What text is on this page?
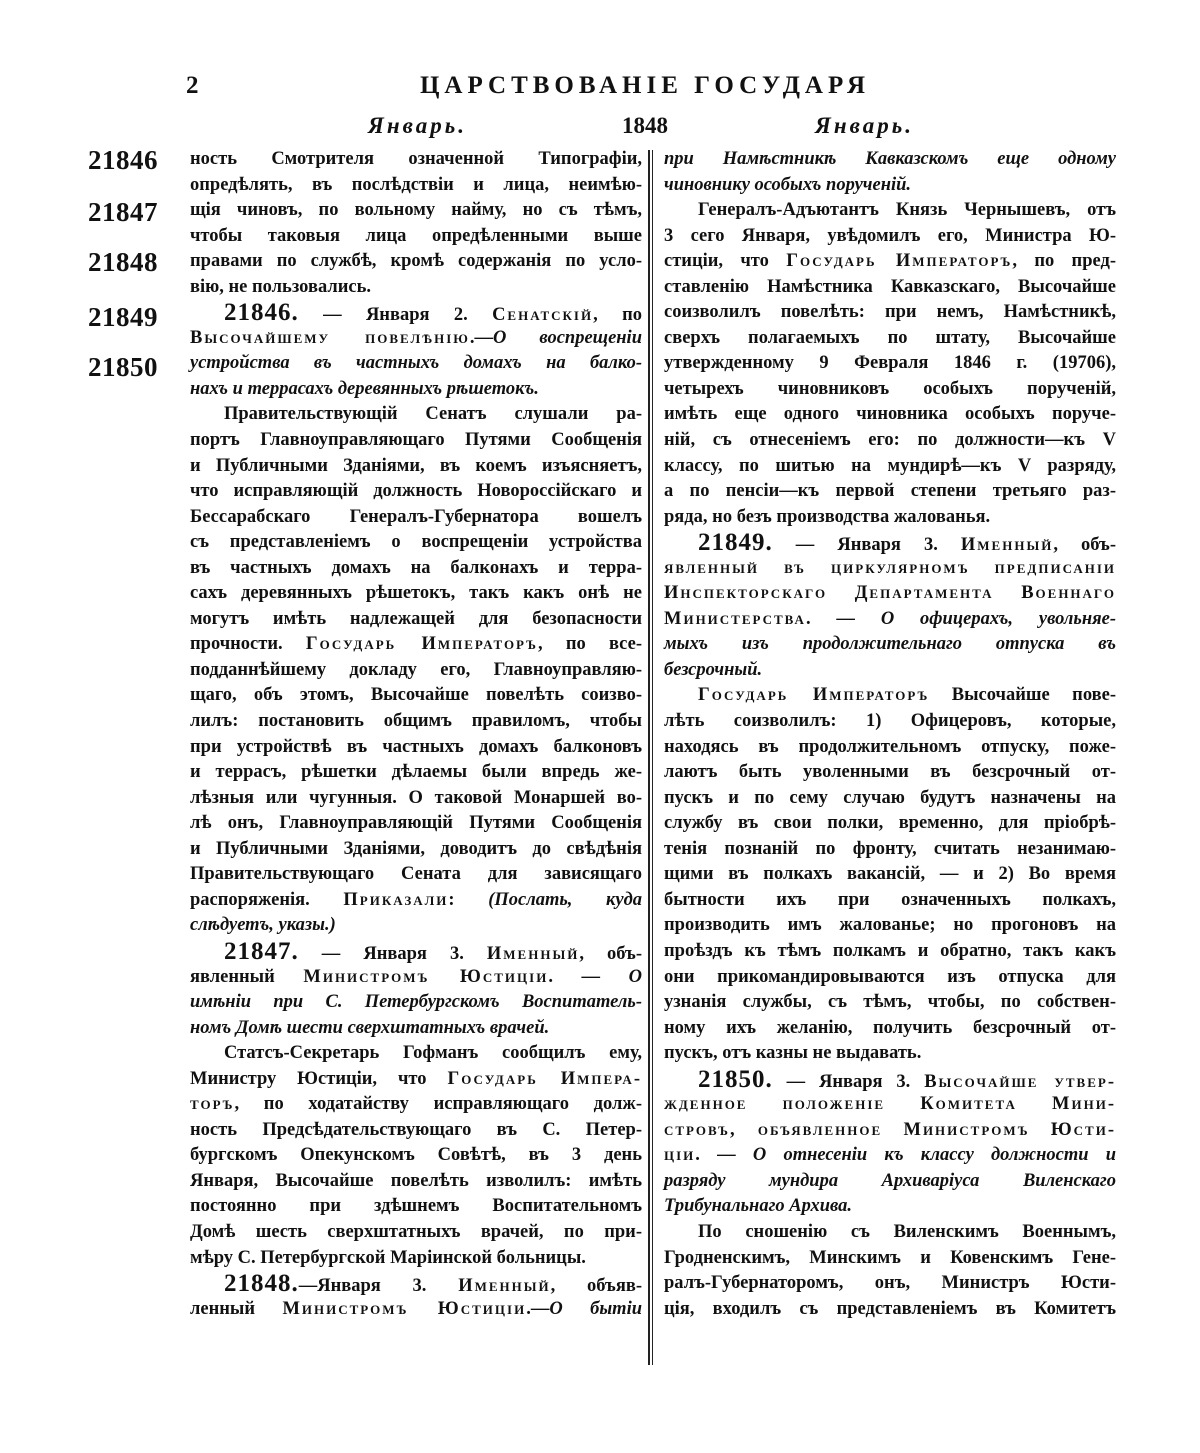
2	ЦАРСТВОВАНІЕ ГОСУДАРЯ
Январь.	1848	Январь.
21846
21847
21848
21849
21850
ность Смотрителя означенной Типографіи,
опредѣлять, въ послѣдствіи и лица, неимѣю-
щія чиновъ, по вольному найму, но съ тѣмъ,
чтобы таковыя лица опредѣленными выше
правами по службѣ, кромѣ содержанія по усло-
вію, не пользовались.
21846. — Января 2. Сенатскій, по
Высочайшему повелѣнію.—О воспрещеніи
устройства въ частныхъ домахъ на балко-
нахъ и террасахъ деревянныхъ рѣшетокъ.
Правительствующій Сенатъ слушали ра-
портъ Главноуправляющаго Путями Сообщенія
и Публичными Зданіями, въ коемъ изъясняетъ,
что исправляющій должность Новороссійскаго и
Бессарабскаго Генералъ-Губернатора вошелъ
съ представленіемъ о воспрещеніи устройства
въ частныхъ домахъ на балконахъ и терра-
сахъ деревянныхъ рѣшетокъ, такъ какъ онѣ не
могутъ имѣть надлежащей для безопасности
прочности. Государь Императоръ, по все-
подданнѣйшему докладу его, Главноуправляю-
щаго, объ этомъ, Высочайше повелѣть соизво-
лилъ: постановить общимъ правиломъ, чтобы
при устройствѣ въ частныхъ домахъ балконовъ
и террасъ, рѣшетки дѣлаемы были впредь же-
лѣзныя или чугунныя. О таковой Монаршей во-
лѣ онъ, Главноуправляющій Путями Сообщенія
и Публичными Зданіями, доводитъ до свѣдѣнія
Правительствующаго Сената для зависящаго
распоряженія. Приказали: (Послать, куда
слѣдуетъ, указы.)
21847. — Января 3. Именный, объ-
явленный Министромъ Юстиціи. — О
имѣніи при С. Петербургскомъ Воспитатель-
номъ Домѣ шести сверхштатныхъ врачей.
Статсъ-Секретарь Гофманъ сообщилъ ему,
Министру Юстиціи, что Государь Импера-
торъ, по ходатайству исправляющаго долж-
ность Предсѣдательствующаго въ С. Петер-
бургскомъ Опекунскомъ Совѣтѣ, въ 3 день
Января, Высочайше повелѣть изволилъ: имѣть
постоянно при здѣшнемъ Воспитательномъ
Домѣ шесть сверхштатныхъ врачей, по при-
мѣру С. Петербургской Маріинской больницы.
21848.—Января 3. Именный, объяв-
ленный Министромъ Юстиціи.—О бытіи
при Намѣстникѣ Кавказскомъ еще одному
чиновнику особыхъ порученій.
Генералъ-Адъютантъ Князь Чернышевъ, отъ
3 сего Января, увѣдомилъ его, Министра Ю-
стиціи, что Государь Императоръ, по пред-
ставленію Намѣстника Кавказскаго, Высочайше
соизволилъ повелѣть: при немъ, Намѣстникѣ,
сверхъ полагаемыхъ по штату, Высочайше
утвержденному 9 Февраля 1846 г. (19706),
четырехъ чиновниковъ особыхъ порученій,
имѣть еще одного чиновника особыхъ поруче-
ній, съ отнесеніемъ его: по должности—къ V
классу, по шитью на мундирѣ—къ V разряду,
а по пенсіи—къ первой степени третьяго раз-
ряда, но безъ производства жалованья.
21849. — Января 3. Именный, объ-
явленный въ циркулярномъ предписаніи
Инспекторскаго Департамента Военнаго
Министерства. — О офицерахъ, увольняе-
мыхъ изъ продолжительнаго отпуска въ
безсрочный.
Государь Императоръ Высочайше пове-
лѣть соизволилъ: 1) Офицеровъ, которые,
находясь въ продолжительномъ отпуску, поже-
лаютъ быть уволенными въ безсрочный от-
пускъ и по сему случаю будутъ назначены на
службу въ свои полки, временно, для пріобрѣ-
тенія познаній по фронту, считать незанимаю-
щими въ полкахъ вакансій, — и 2) Во время
бытности ихъ при означенныхъ полкахъ,
производить имъ жалованье; но прогоновъ на
проѣздъ къ тѣмъ полкамъ и обратно, такъ какъ
они прикомандировываются изъ отпуска для
узнанія службы, съ тѣмъ, чтобы, по собствен-
ному ихъ желанію, получить безсрочный от-
пускъ, отъ казны не выдавать.
21850. — Января 3. Высочайше утвер-
жденное положеніе Комитета Мини-
стровъ, объявленное Министромъ Юсти-
ціи. — О отнесеніи къ классу должности и
разряду мундира Архиваріуса Виленскаго
Трибунальнаго Архива.
По сношенію съ Виленскимъ Военнымъ,
Гродненскимъ, Минскимъ и Ковенскимъ Гене-
ралъ-Губернаторомъ, онъ, Министръ Юсти-
ція, входилъ съ представленіемъ въ Комитетъ
